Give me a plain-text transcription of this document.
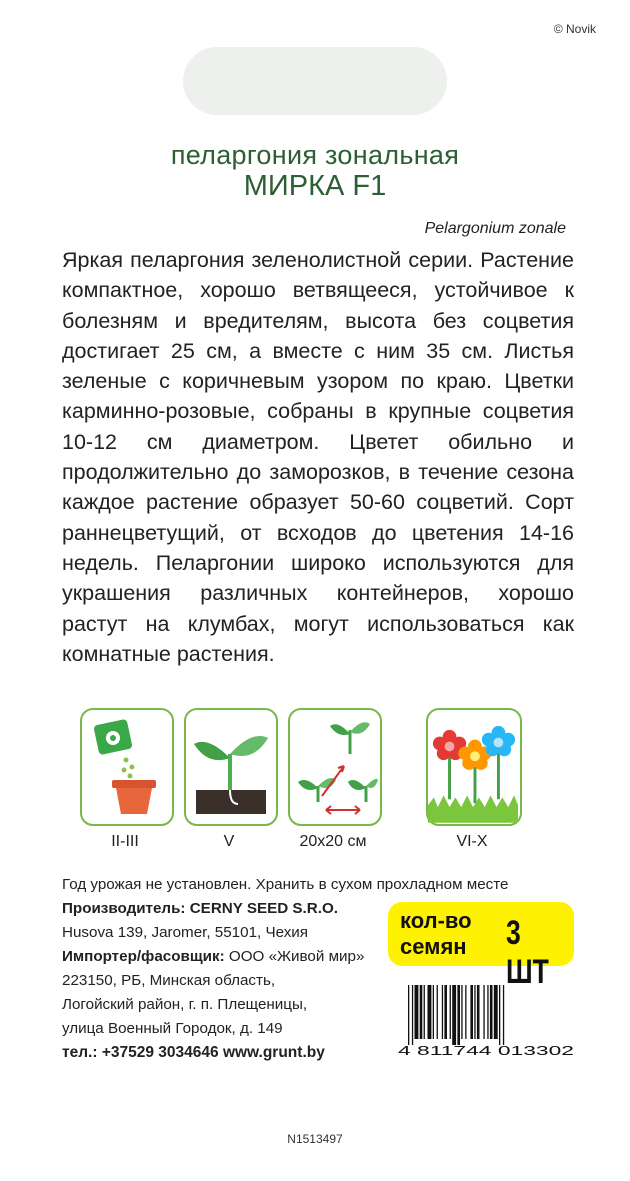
© Novik
пеларгония зональная
МИРКА F1
Pelargonium zonale
Яркая пеларгония зеленолистной серии. Растение компактное, хорошо ветвящееся, устойчивое к болезням и вредителям, высота без соцветия достигает 25 см, а вместе с ним 35 см. Листья зеленые с коричневым узором по краю. Цветки карминно-розовые, собраны в крупные соцветия 10-12 см диаметром. Цветет обильно и продолжительно до заморозков, в течение сезона каждое растение образует 50-60 соцветий. Сорт раннецветущий, от всходов до цветения 14-16 недель. Пеларгонии широко используются для украшения различных контейнеров, хорошо растут на клумбах, могут использоваться как комнатные растения.
II-III	V	20x20 см	VI-X
Год урожая не установлен. Хранить в сухом прохладном месте
Производитель: CERNY SEED S.R.O.
Husova 139, Jaromer, 55101, Чехия
Импортер/фасовщик: ООО «Живой мир»
223150, РБ, Минская область,
Логойский район, г. п. Плещеницы,
улица Военный Городок, д. 149
тел.: +37529 3034646 www.grunt.by
кол-во
семян 3 ШТ
4 811744 013302
N1513497
